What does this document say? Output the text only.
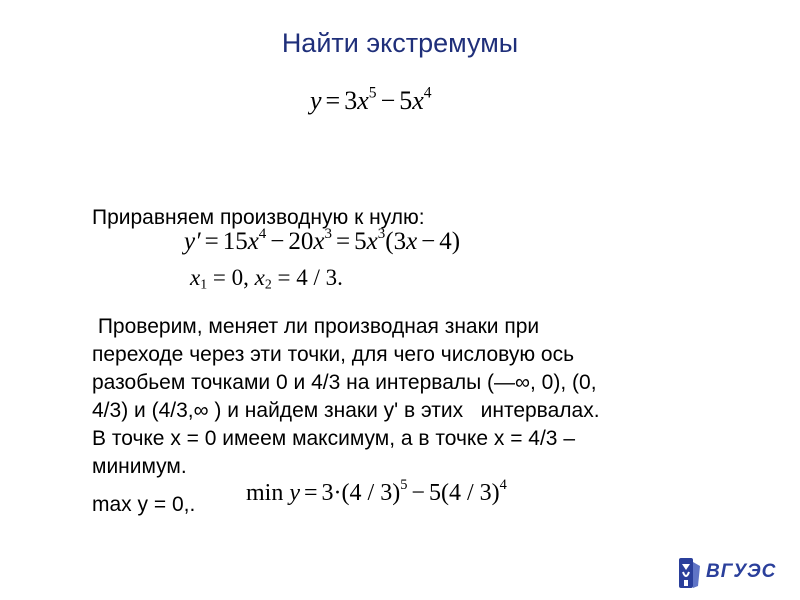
Найти экстремумы
$y = 3x^5 - 5x^4$
Приравняем производную к нулю:
$y' = 15x^4 - 20x^3 = 5x^3(3x - 4)$
$x_1 = 0$, $x_2 = 4 / 3$.
Проверим, меняет ли производная знаки при
переходе через эти точки, для чего числовую ось
разобьем точками 0 и 4/3 на интервалы (—∞, 0), (0,
4/3) и (4/3,∞ ) и найдем знаки y' в этих   интервалах.
В точке x = 0 имеем максимум, а в точке x = 4/3 –
минимум.
max y = 0,. min y = 3·(4 / 3)$^5$ − 5(4 / 3)$^4$
ВГУЭС
